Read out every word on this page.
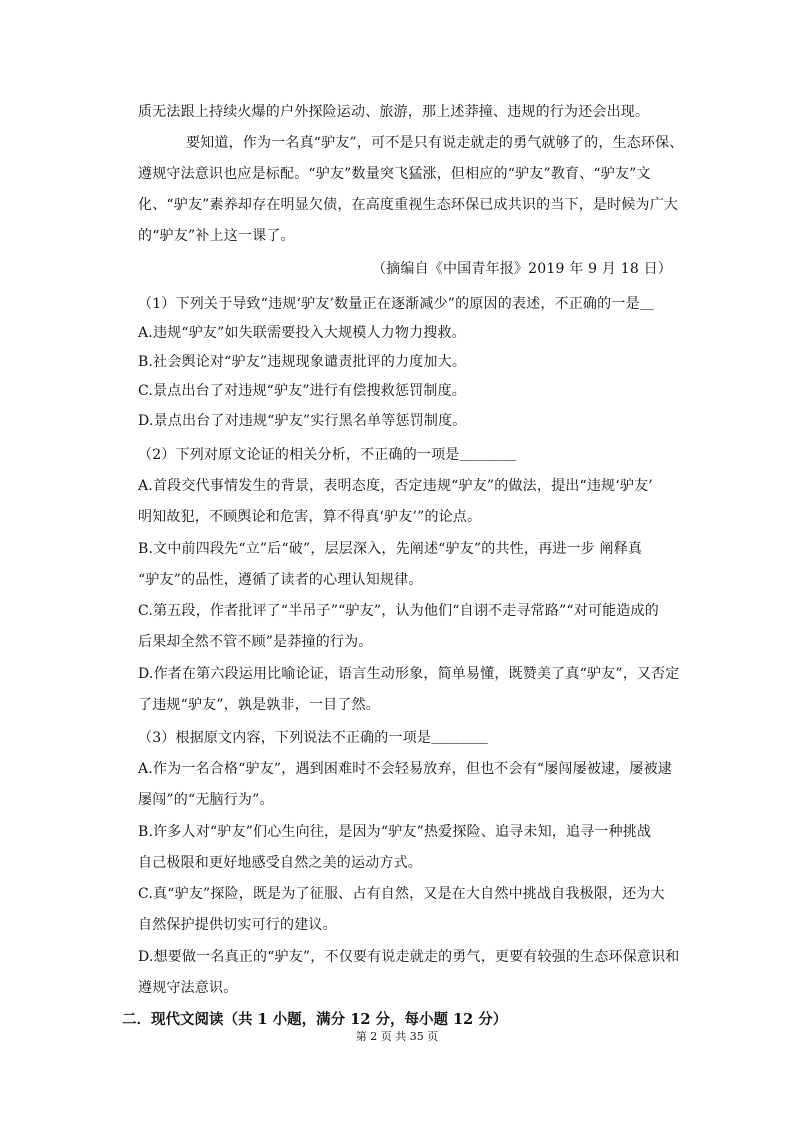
质无法跟上持续火爆的户外探险运动、旅游，那上述莽撞、违规的行为还会出现。
要知道，作为一名真“驴友”，可不是只有说走就走的勇气就够了的，生态环保、
遵规守法意识也应是标配。“驴友”数量突飞猛涨，但相应的“驴友”教育、“驴友”文
化、“驴友”素养却存在明显欠债，在高度重视生态环保已成共识的当下，是时候为广大
的“驴友”补上这一课了。
（摘编自《中国青年报》2019 年 9 月 18 日）
（1）下列关于导致“违规‘驴友’数量正在逐渐减少”的原因的表述，不正确的一是＿
A.违规“驴友”如失联需要投入大规模人力物力搜救。
B.社会舆论对“驴友”违规现象谴责批评的力度加大。
C.景点出台了对违规“驴友”进行有偿搜救惩罚制度。
D.景点出台了对违规“驴友”实行黑名单等惩罚制度。
（2）下列对原文论证的相关分析，不正确的一项是＿＿＿＿
A.首段交代事情发生的背景，表明态度，否定违规“驴友”的做法，提出“违规‘驴友’
明知故犯，不顾舆论和危害，算不得真‘驴友’”的论点。
B.文中前四段先“立”后“破”，层层深入，先阐述“驴友”的共性，再进一步 阐释真
“驴友”的品性，遵循了读者的心理认知规律。
C.第五段，作者批评了“半吊子”“驴友”，认为他们“自诩不走寻常路”“对可能造成的
后果却全然不管不顾”是莽撞的行为。
D.作者在第六段运用比喻论证，语言生动形象，简单易懂，既赞美了真“驴友”，又否定
了违规“驴友”，孰是孰非，一目了然。
（3）根据原文内容，下列说法不正确的一项是＿＿＿＿
A.作为一名合格“驴友”，遇到困难时不会轻易放弃，但也不会有“屡闯屡被逮，屡被逮
屡闯”的“无脑行为”。
B.许多人对“驴友”们心生向往，是因为“驴友”热爱探险、追寻未知，追寻一种挑战
自己极限和更好地感受自然之美的运动方式。
C.真“驴友”探险，既是为了征服、占有自然，又是在大自然中挑战自我极限，还为大
自然保护提供切实可行的建议。
D.想要做一名真正的“驴友”，不仅要有说走就走的勇气，更要有较强的生态环保意识和
遵规守法意识。
二．现代文阅读（共 1 小题，满分 12 分，每小题 12 分）
第 2 页 共 35 页
